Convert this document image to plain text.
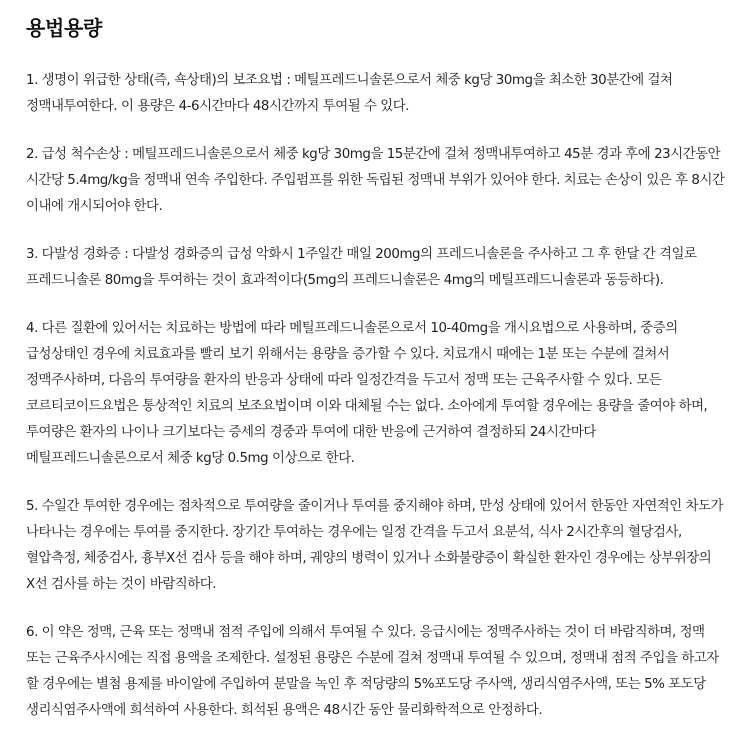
용법용량

1. 생명이 위급한 상태(즉, 쇽상태)의 보조요법 : 메틸프레드니솔론으로서 체중 kg당 30mg을 최소한 30분간에 걸쳐 정맥내투여한다. 이 용량은 4-6시간마다 48시간까지 투여될 수 있다.

2. 급성 척수손상 : 메틸프레드니솔론으로서 체중 kg당 30mg을 15분간에 걸쳐 정맥내투여하고 45분 경과 후에 23시간동안 시간당 5.4mg/kg을 정맥내 연속 주입한다. 주입펌프를 위한 독립된 정맥내 부위가 있어야 한다. 치료는 손상이 있은 후 8시간 이내에 개시되어야 한다.

3. 다발성 경화증 : 다발성 경화증의 급성 악화시 1주일간 매일 200mg의 프레드니솔론을 주사하고 그 후 한달 간 격일로 프레드니솔론 80mg을 투여하는 것이 효과적이다(5mg의 프레드니솔론은 4mg의 메틸프레드니솔론과 동등하다).

4. 다른 질환에 있어서는 치료하는 방법에 따라 메틸프레드니솔론으로서 10-40mg을 개시요법으로 사용하며, 중증의 급성상태인 경우에 치료효과를 빨리 보기 위해서는 용량을 증가할 수 있다. 치료개시 때에는 1분 또는 수분에 걸쳐서 정맥주사하며, 다음의 투여량을 환자의 반응과 상태에 따라 일정간격을 두고서 정맥 또는 근육주사할 수 있다. 모든 코르티코이드요법은 통상적인 치료의 보조요법이며 이와 대체될 수는 없다. 소아에게 투여할 경우에는 용량을 줄여야 하며, 투여량은 환자의 나이나 크기보다는 증세의 경중과 투여에 대한 반응에 근거하여 결정하되 24시간마다 메틸프레드니솔론으로서 체중 kg당 0.5mg 이상으로 한다.

5. 수일간 투여한 경우에는 점차적으로 투여량을 줄이거나 투여를 중지해야 하며, 만성 상태에 있어서 한동안 자연적인 차도가 나타나는 경우에는 투여를 중지한다. 장기간 투여하는 경우에는 일정 간격을 두고서 요분석, 식사 2시간후의 혈당검사, 혈압측정, 체중검사, 흉부X선 검사 등을 해야 하며, 궤양의 병력이 있거나 소화불량증이 확실한 환자인 경우에는 상부위장의 X선 검사를 하는 것이 바람직하다.

6. 이 약은 정맥, 근육 또는 정맥내 점적 주입에 의해서 투여될 수 있다. 응급시에는 정맥주사하는 것이 더 바람직하며, 정맥 또는 근육주사시에는 직접 용액을 조제한다. 설정된 용량은 수분에 걸쳐 정맥내 투여될 수 있으며, 정맥내 점적 주입을 하고자 할 경우에는 별첨 용제를 바이알에 주입하여 분말을 녹인 후 적당량의 5%포도당 주사액, 생리식염주사액, 또는 5% 포도당 생리식염주사액에 희석하여 사용한다. 희석된 용액은 48시간 동안 물리화학적으로 안정하다.
